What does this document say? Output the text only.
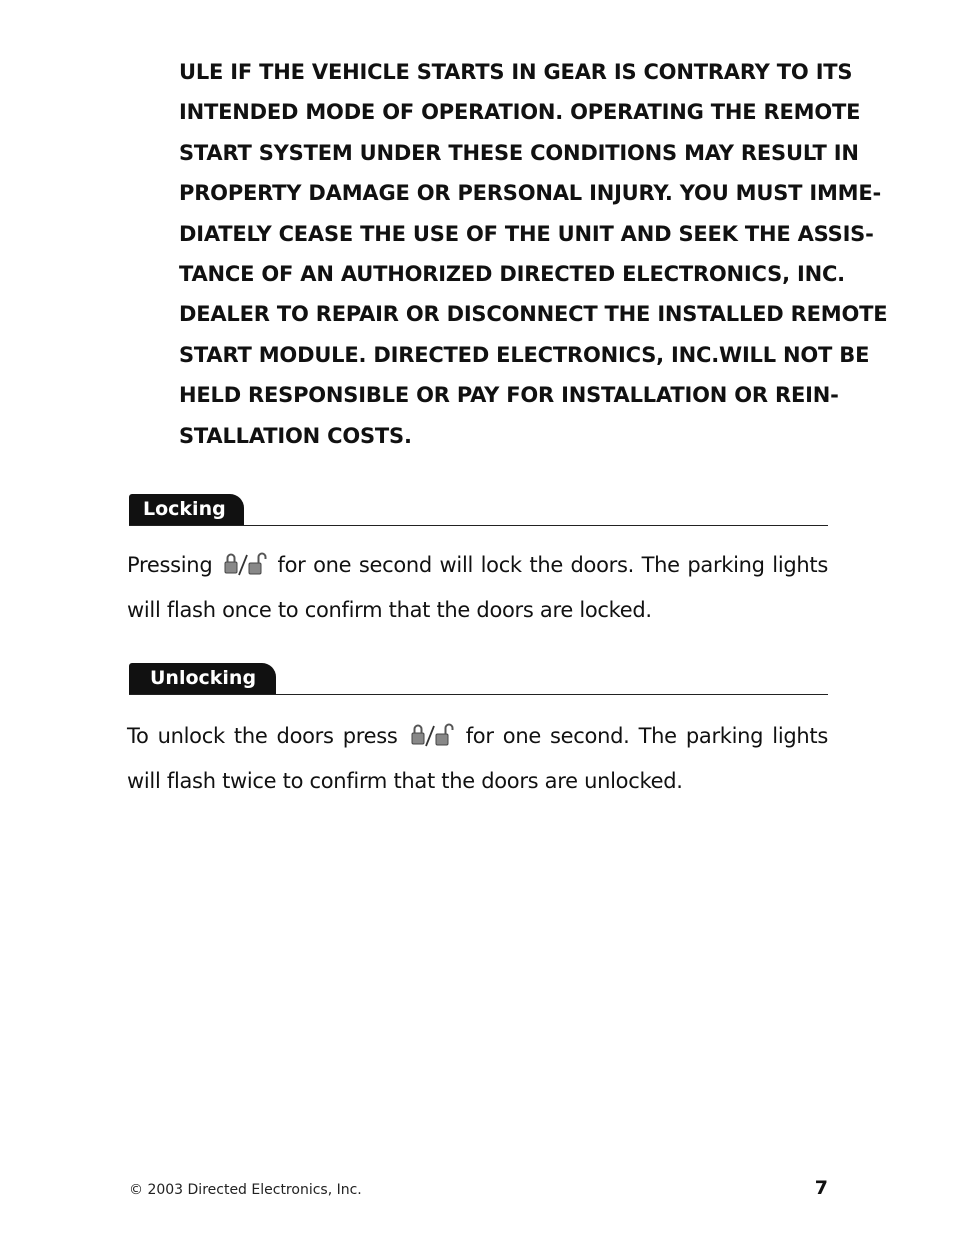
ULE IF THE VEHICLE STARTS IN GEAR IS CONTRARY TO ITS
INTENDED MODE OF OPERATION. OPERATING THE REMOTE
START SYSTEM UNDER THESE CONDITIONS MAY RESULT IN
PROPERTY DAMAGE OR PERSONAL INJURY. YOU MUST IMME-
DIATELY CEASE THE USE OF THE UNIT AND SEEK THE ASSIS-
TANCE OF AN AUTHORIZED DIRECTED ELECTRONICS, INC.
DEALER TO REPAIR OR DISCONNECT THE INSTALLED REMOTE
START MODULE. DIRECTED ELECTRONICS, INC.WILL NOT BE
HELD RESPONSIBLE OR PAY FOR INSTALLATION OR REIN-
STALLATION COSTS.
Locking
Pressing	for one second will lock the doors. The parking lights
will flash once to confirm that the doors are locked.
Unlocking
To unlock the doors press	for one second. The parking lights
will flash twice to confirm that the doors are unlocked.
© 2003 Directed Electronics, Inc.	7
